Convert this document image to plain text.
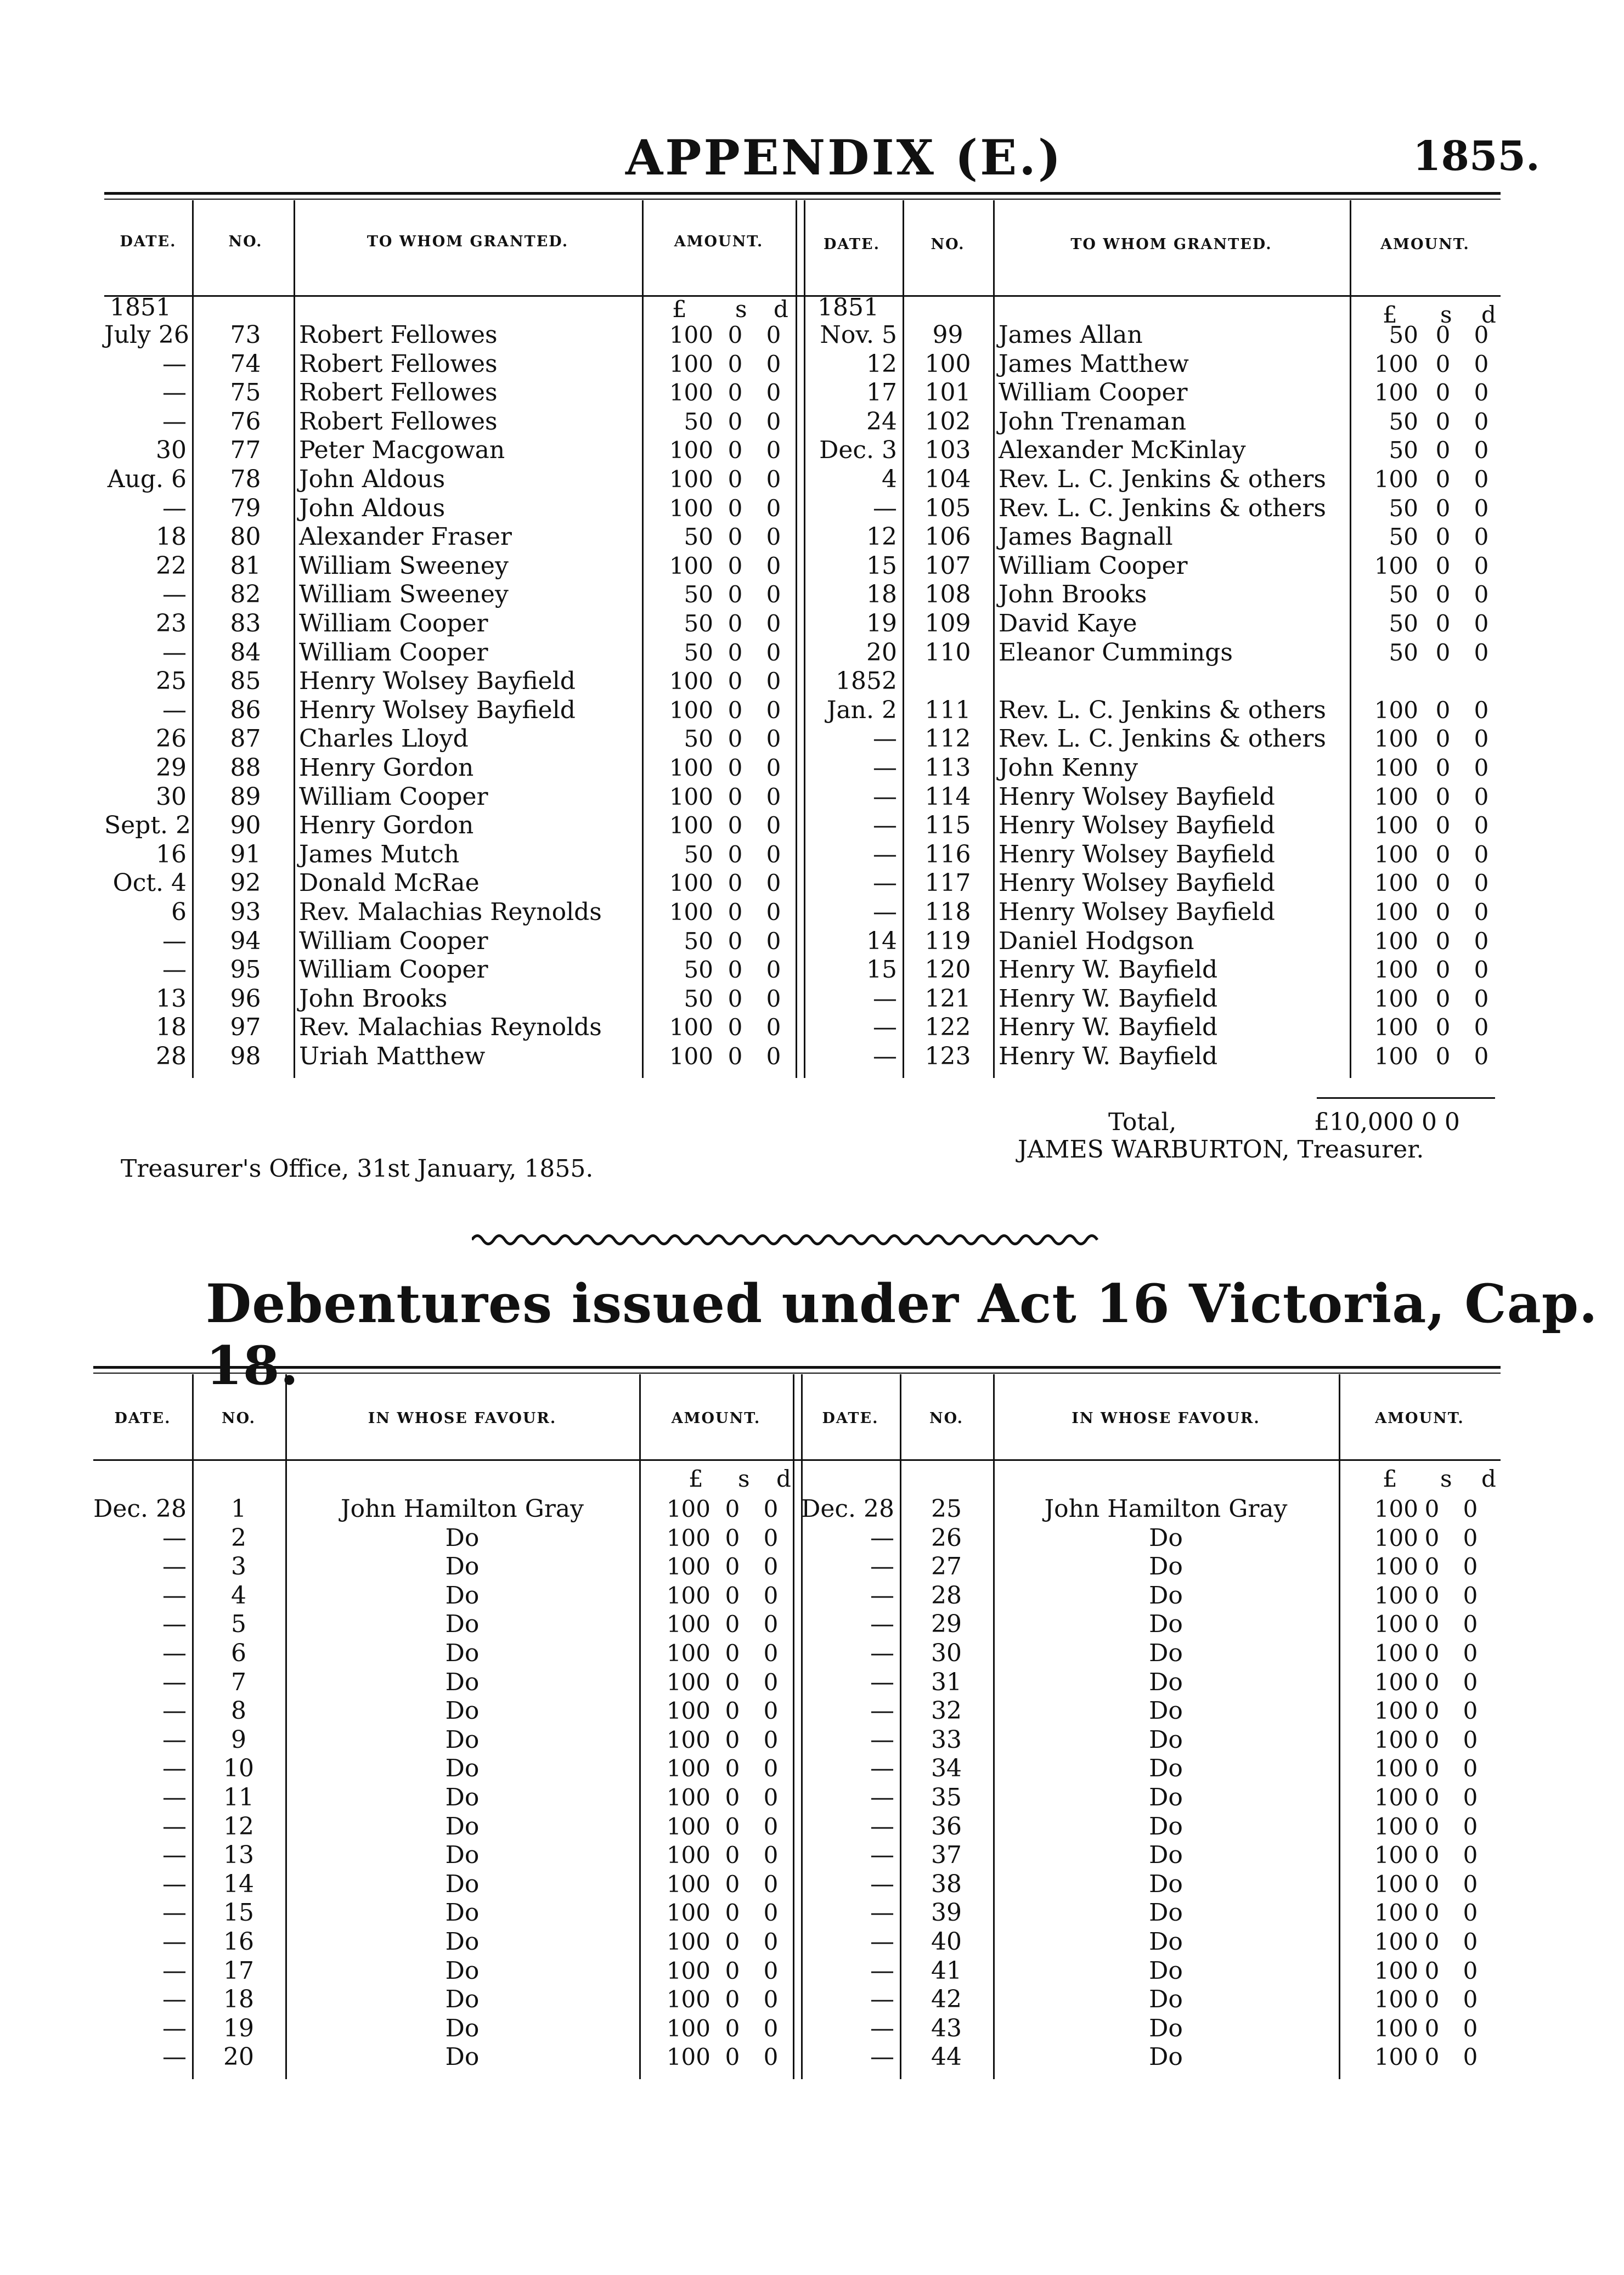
APPENDIX (E.)	1855.
DATE.	NO.	TO WHOM GRANTED.	AMOUNT.	DATE.	NO.	TO WHOM GRANTED.	AMOUNT.
1851	1851
£	£
s	s
d	d
July 26	73	Robert Fellowes	100 0 0
—	74	Robert Fellowes	100 0 0
—	75	Robert Fellowes	100 0 0
—	76	Robert Fellowes	50 0 0
30	77	Peter Macgowan	100 0 0
Aug. 6	78	John Aldous	100 0 0
—	79	John Aldous	100 0 0
18	80	Alexander Fraser	50 0 0
22	81	William Sweeney	100 0 0
—	82	William Sweeney	50 0 0
23	83	William Cooper	50 0 0
—	84	William Cooper	50 0 0
25	85	Henry Wolsey Bayfield	100 0 0
—	86	Henry Wolsey Bayfield	100 0 0
26	87	Charles Lloyd	50 0 0
29	88	Henry Gordon	100 0 0
30	89	William Cooper	100 0 0
Sept. 2	90	Henry Gordon	100 0 0
16	91	James Mutch	50 0 0
Oct. 4	92	Donald McRae	100 0 0
6	93	Rev. Malachias Reynolds	100 0 0
—	94	William Cooper	50 0 0
—	95	William Cooper	50 0 0
13	96	John Brooks	50 0 0
18	97	Rev. Malachias Reynolds	100 0 0
28	98	Uriah Matthew	100 0 0
Nov. 5	99	James Allan	50 0 0
12	100	James Matthew	100 0 0
17	101	William Cooper	100 0 0
24	102	John Trenaman	50 0 0
Dec. 3	103	Alexander McKinlay	50 0 0
4	104	Rev. L. C. Jenkins & others	100 0 0
—	105	Rev. L. C. Jenkins & others	50 0 0
12	106	James Bagnall	50 0 0
15	107	William Cooper	100 0 0
18	108	John Brooks	50 0 0
19	109	David Kaye	50 0 0
20	110	Eleanor Cummings	50 0 0
1852
Jan. 2	111	Rev. L. C. Jenkins & others	100 0 0
—	112	Rev. L. C. Jenkins & others	100 0 0
—	113	John Kenny	100 0 0
—	114	Henry Wolsey Bayfield	100 0 0
—	115	Henry Wolsey Bayfield	100 0 0
—	116	Henry Wolsey Bayfield	100 0 0
—	117	Henry Wolsey Bayfield	100 0 0
—	118	Henry Wolsey Bayfield	100 0 0
14	119	Daniel Hodgson	100 0 0
15	120	Henry W. Bayfield	100 0 0
—	121	Henry W. Bayfield	100 0 0
—	122	Henry W. Bayfield	100 0 0
—	123	Henry W. Bayfield	100 0 0
Total,	£10,000 0 0
JAMES WARBURTON, Treasurer.
Treasurer's Office, 31st January, 1855.
Debentures issued under Act 16 Victoria, Cap.
DATE.	NO.	IN WHOSE FAVOUR.	AMOUNT.	DATE.	NO.	IN WHOSE FAVOUR.	AMOUNT.
£	£
s	s
d	d
Dec. 28	1	John Hamilton Gray	100 0 0
—	2	Do	100 0 0
—	3	Do	100 0 0
—	4	Do	100 0 0
—	5	Do	100 0 0
—	6	Do	100 0 0
—	7	Do	100 0 0
—	8	Do	100 0 0
—	9	Do	100 0 0
—	10	Do	100 0 0
—	11	Do	100 0 0
—	12	Do	100 0 0
—	13	Do	100 0 0
—	14	Do	100 0 0
—	15	Do	100 0 0
—	16	Do	100 0 0
—	17	Do	100 0 0
—	18	Do	100 0 0
—	19	Do	100 0 0
—	20	Do	100 0 0
Dec. 28	25	John Hamilton Gray	100 0 0
—	26	Do	100 0 0
—	27	Do	100 0 0
—	28	Do	100 0 0
—	29	Do	100 0 0
—	30	Do	100 0 0
—	31	Do	100 0 0
—	32	Do	100 0 0
—	33	Do	100 0 0
—	34	Do	100 0 0
—	35	Do	100 0 0
—	36	Do	100 0 0
—	37	Do	100 0 0
—	38	Do	100 0 0
—	39	Do	100 0 0
—	40	Do	100 0 0
—	41	Do	100 0 0
—	42	Do	100 0 0
—	43	Do	100 0 0
—	44	Do	100 0 0
